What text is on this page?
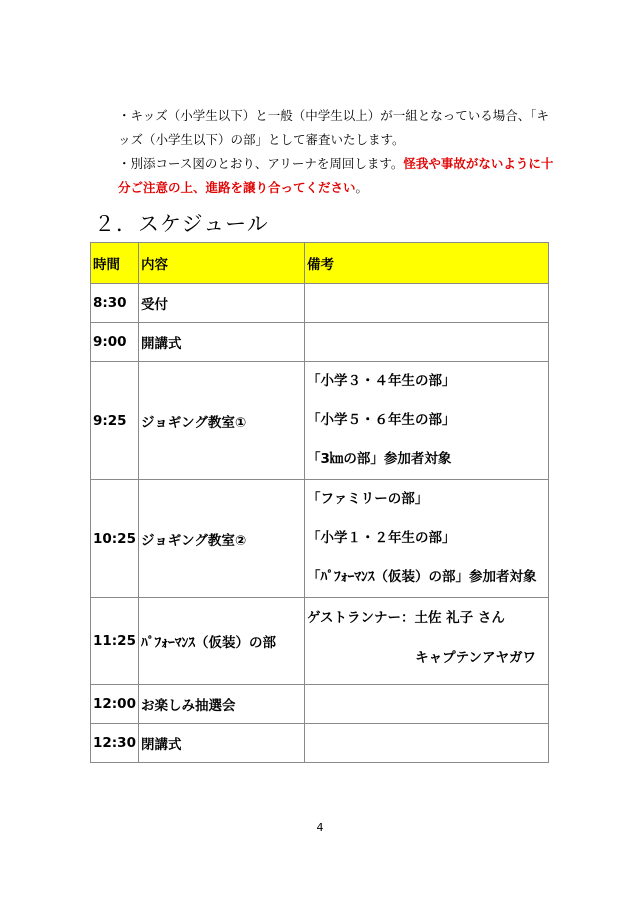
・キッズ（小学生以下）と一般（中学生以上）が一組となっている場合、「キッズ（小学生以下）の部」として審査いたします。

・別添コース図のとおり、アリーナを周回します。怪我や事故がないように十分ご注意の上、進路を譲り合ってください。

２．スケジュール
時間	内容	備考
8:30	受付	
9:00	開講式	
9:25	ジョギング教室①	「小学３・４年生の部」
「小学５・６年生の部」
「3㎞の部」参加者対象

10:25	ジョギング教室②	「ファミリーの部」
「小学１・２年生の部」
「ﾊﾟﾌｫｰﾏﾝｽ（仮装）の部」参加者対象

11:25	ﾊﾟﾌｫｰﾏﾝｽ（仮装）の部	ゲストランナー：土佐 礼子 さん
キャプテンアヤガワ

12:00	お楽しみ抽選会	
12:30	閉講式	
4
